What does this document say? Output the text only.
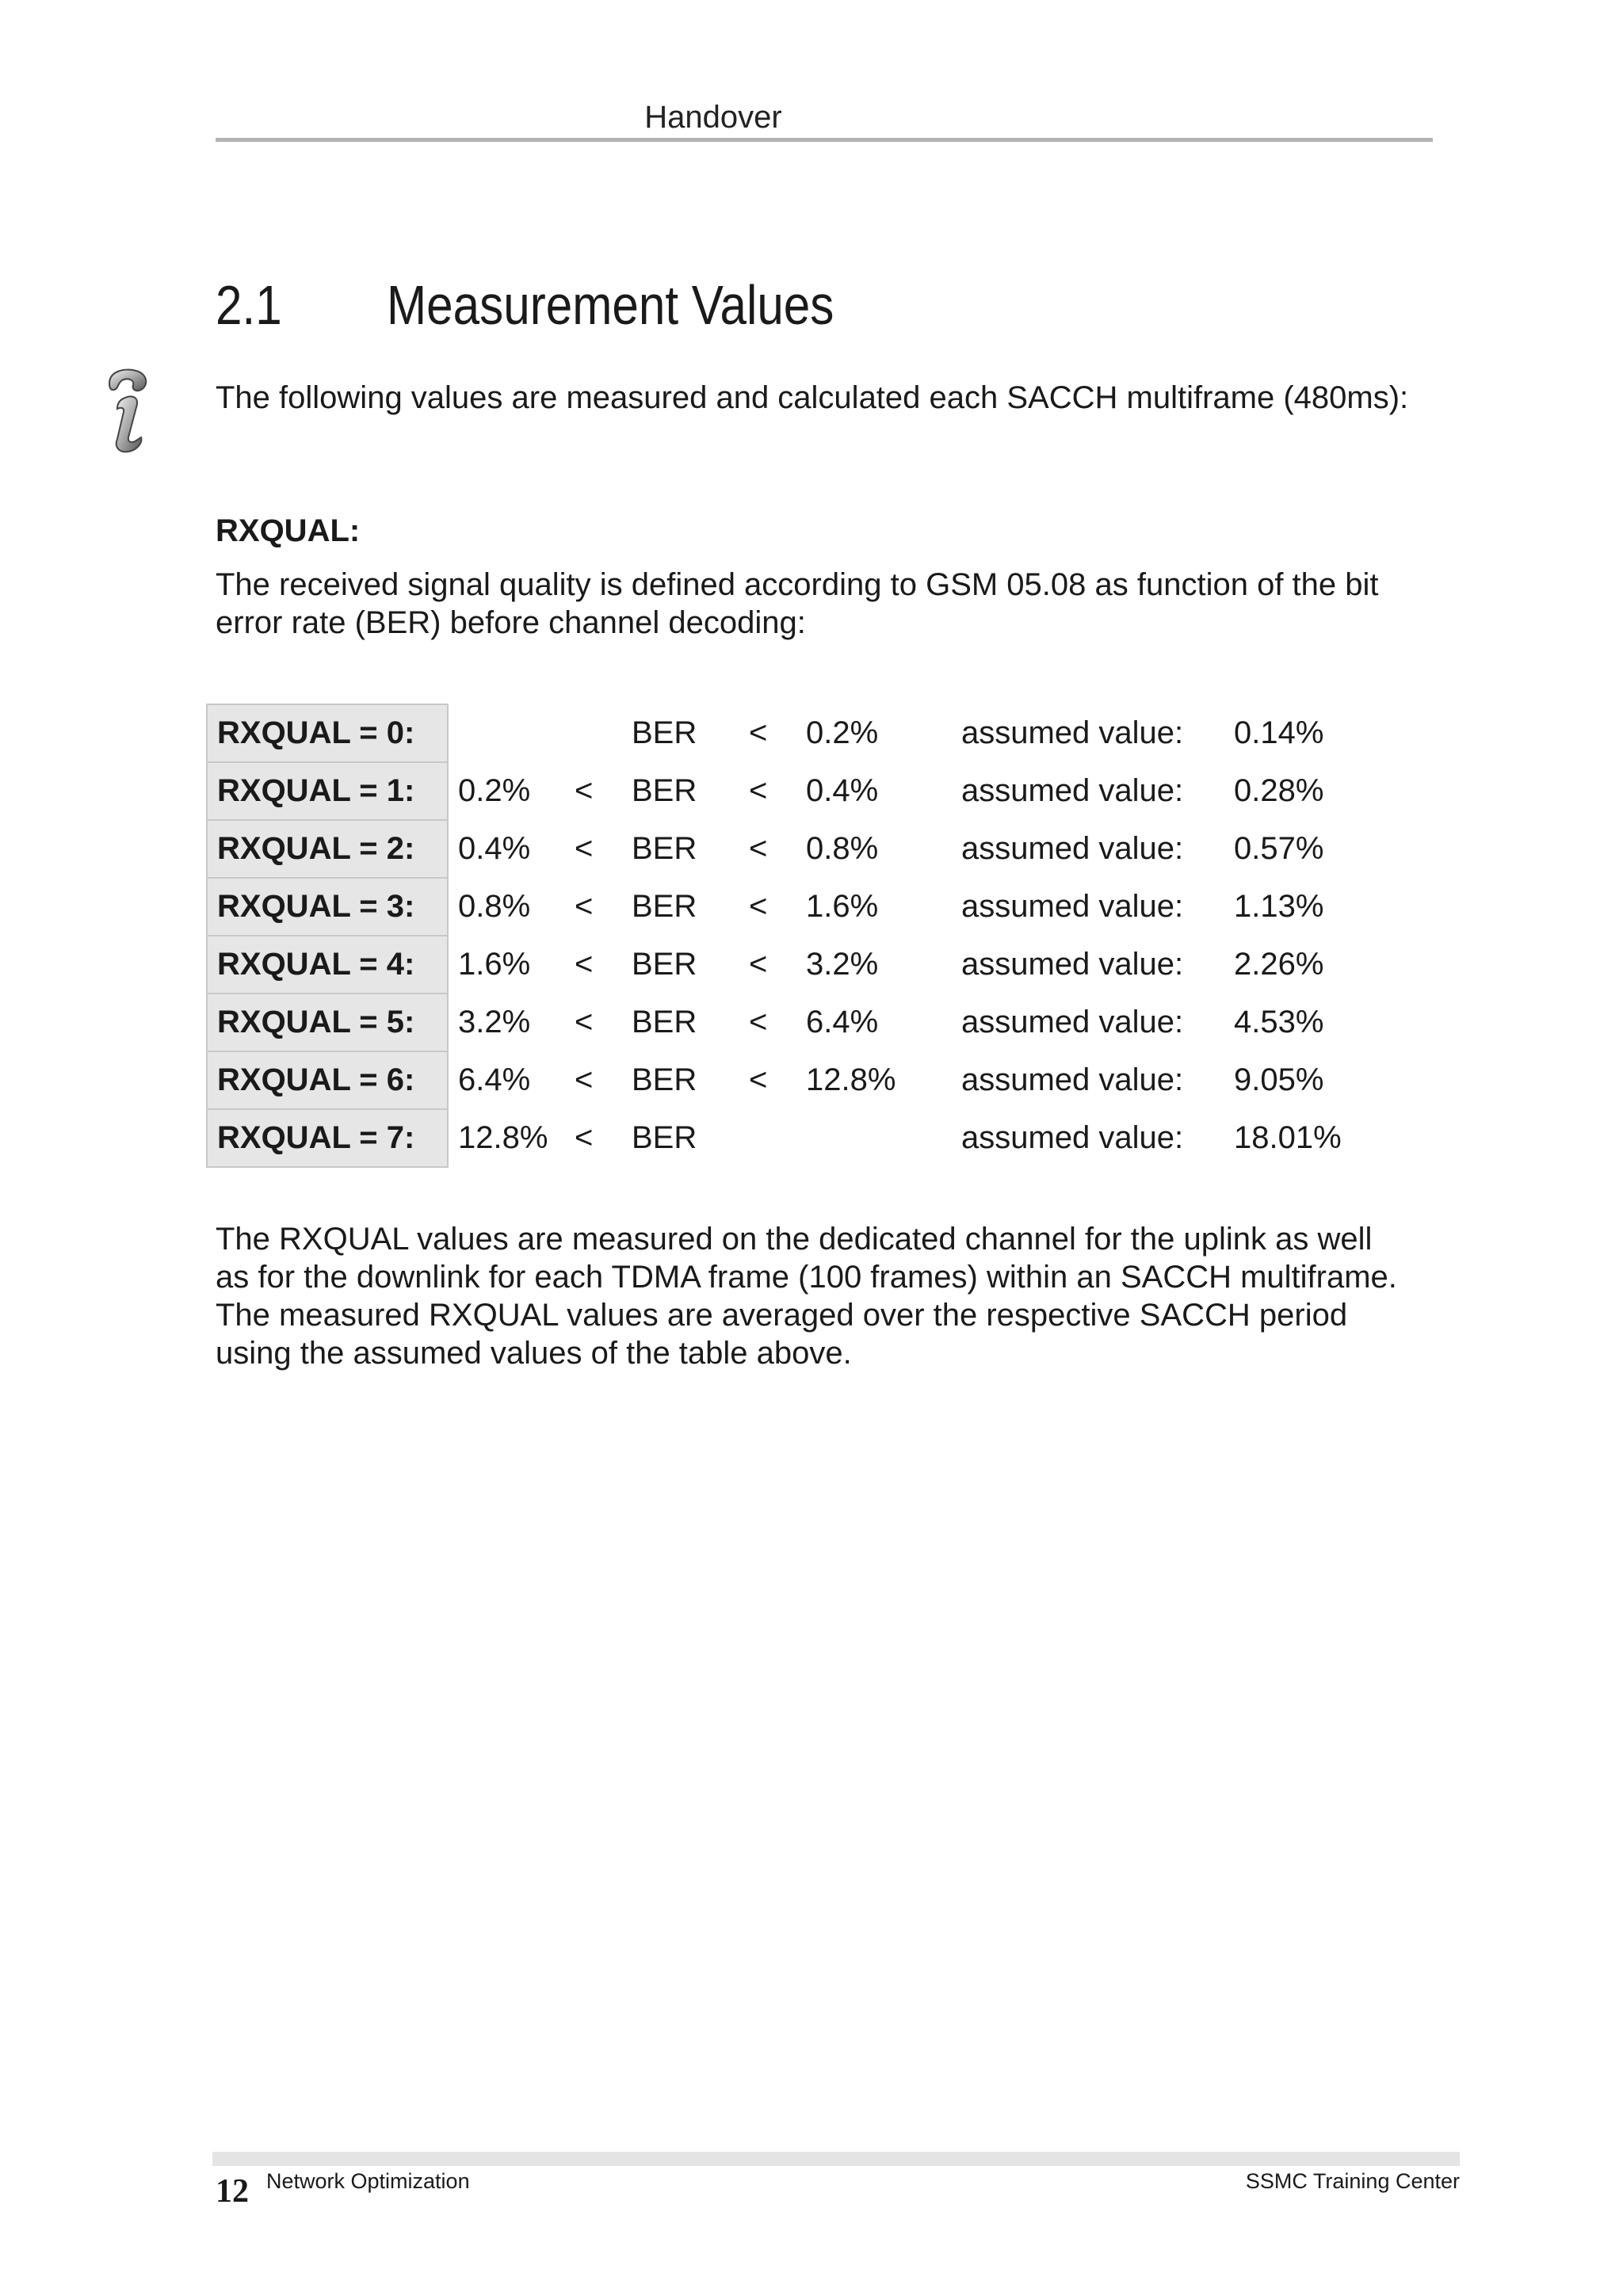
Handover
2.1 Measurement Values
The following values are measured and calculated each SACCH multiframe (480ms):
RXQUAL:
The received signal quality is defined according to GSM 05.08 as function of the bit
error rate (BER) before channel decoding:
RXQUAL = 0:			BER	<	0.2%	assumed value:	0.14%
RXQUAL = 1:	0.2%	<	BER	<	0.4%	assumed value:	0.28%
RXQUAL = 2:	0.4%	<	BER	<	0.8%	assumed value:	0.57%
RXQUAL = 3:	0.8%	<	BER	<	1.6%	assumed value:	1.13%
RXQUAL = 4:	1.6%	<	BER	<	3.2%	assumed value:	2.26%
RXQUAL = 5:	3.2%	<	BER	<	6.4%	assumed value:	4.53%
RXQUAL = 6:	6.4%	<	BER	<	12.8%	assumed value:	9.05%
RXQUAL = 7:	12.8%	<	BER			assumed value:	18.01%
The RXQUAL values are measured on the dedicated channel for the uplink as well
as for the downlink for each TDMA frame (100 frames) within an SACCH multiframe.
The measured RXQUAL values are averaged over the respective SACCH period
using the assumed values of the table above.
12 Network Optimization	SSMC Training Center
